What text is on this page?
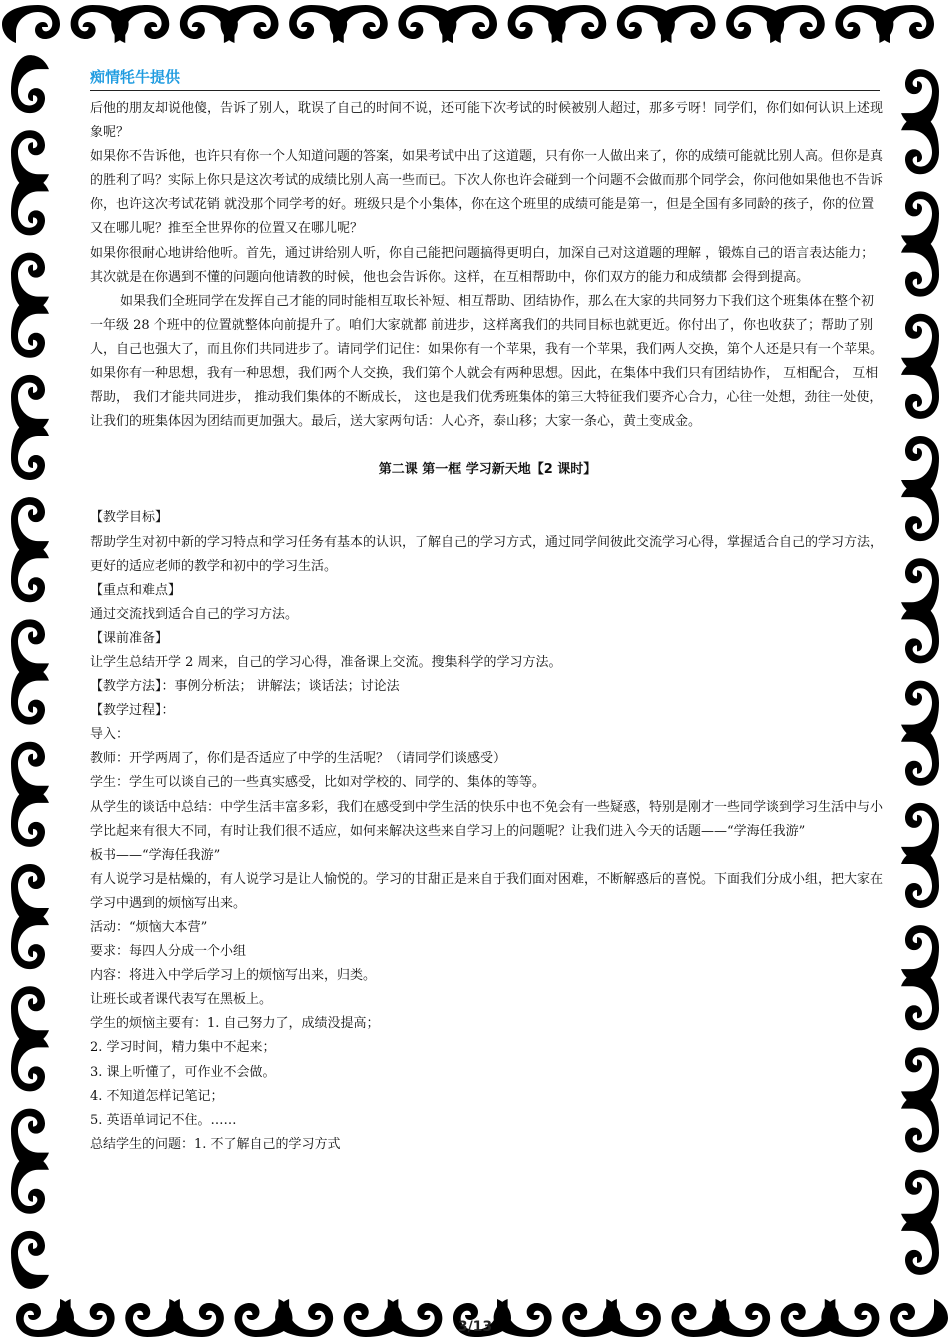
痴情牦牛提供

后他的朋友却说他傻，告诉了别人，耽误了自己的时间不说，还可能下次考试的时候被别人超过，那多亏呀！同学们，你们如何认识上述现象呢？

如果你不告诉他，也许只有你一个人知道问题的答案，如果考试中出了这道题，只有你一人做出来了，你的成绩可能就比别人高。但你是真的胜利了吗？实际上你只是这次考试的成绩比别人高一些而已。下次人你也许会碰到一个问题不会做而那个同学会，你问他如果他也不告诉 你，也许这次考试花销 就没那个同学考的好。班级只是个小集体，你在这个班里的成绩可能是第一，但是全国有多同龄的孩子，你的位置又在哪儿呢？推至全世界你的位置又在哪儿呢？

如果你很耐心地讲给他听。首先，通过讲给别人听，你自己能把问题搞得更明白，加深自己对这道题的理解 ，锻炼自己的语言表达能力；其次就是在你遇到不懂的问题向他请教的时候，他也会告诉你。这样，在互相帮助中，你们双方的能力和成绩都 会得到提高。

如果我们全班同学在发挥自己才能的同时能相互取长补短、相互帮助、团结协作，那么在大家的共同努力下我们这个班集体在整个初一年级 28 个班中的位置就整体向前提升了。咱们大家就都 前进步，这样离我们的共同目标也就更近。你付出了，你也收获了；帮助了别人，自己也强大了，而且你们共同进步了。请同学们记住：如果你有一个苹果，我有一个苹果，我们两人交换，第个人还是只有一个苹果。如果你有一种思想，我有一种思想，我们两个人交换，我们第个人就会有两种思想。因此，在集体中我们只有团结协作， 互相配合， 互相帮助， 我们才能共同进步， 推动我们集体的不断成长， 这也是我们优秀班集体的第三大特征我们要齐心合力，心往一处想，劲往一处使，让我们的班集体因为团结而更加强大。最后，送大家两句话：人心齐，泰山移；大家一条心，黄土变成金。

第二课 第一框 学习新天地【2 课时】

【教学目标】

帮助学生对初中新的学习特点和学习任务有基本的认识，了解自己的学习方式，通过同学间彼此交流学习心得，掌握适合自己的学习方法，更好的适应老师的教学和初中的学习生活。

【重点和难点】

通过交流找到适合自己的学习方法。

【课前准备】

让学生总结开学 2 周来，自己的学习心得，准备课上交流。搜集科学的学习方法。

【教学方法】：事例分析法； 讲解法；谈话法；讨论法

【教学过程】：

导入：

教师：开学两周了，你们是否适应了中学的生活呢？（请同学们谈感受）

学生：学生可以谈自己的一些真实感受，比如对学校的、同学的、集体的等等。

从学生的谈话中总结：中学生活丰富多彩，我们在感受到中学生活的快乐中也不免会有一些疑惑，特别是刚才一些同学谈到学习生活中与小学比起来有很大不同，有时让我们很不适应，如何来解决这些来自学习上的问题呢？让我们进入今天的话题——“学海任我游”

板书——“学海任我游”

有人说学习是枯燥的，有人说学习是让人愉悦的。学习的甘甜正是来自于我们面对困难，不断解惑后的喜悦。下面我们分成小组，把大家在学习中遇到的烦恼写出来。

活动：“烦恼大本营”

要求：每四人分成一个小组

内容：将进入中学后学习上的烦恼写出来，归类。

让班长或者课代表写在黑板上。

学生的烦恼主要有：1. 自己努力了，成绩没提高；

2. 学习时间，精力集中不起来；

3. 课上听懂了，可作业不会做。

4. 不知道怎样记笔记；

5. 英语单词记不住。……

总结学生的问题：1. 不了解自己的学习方式

3/13
